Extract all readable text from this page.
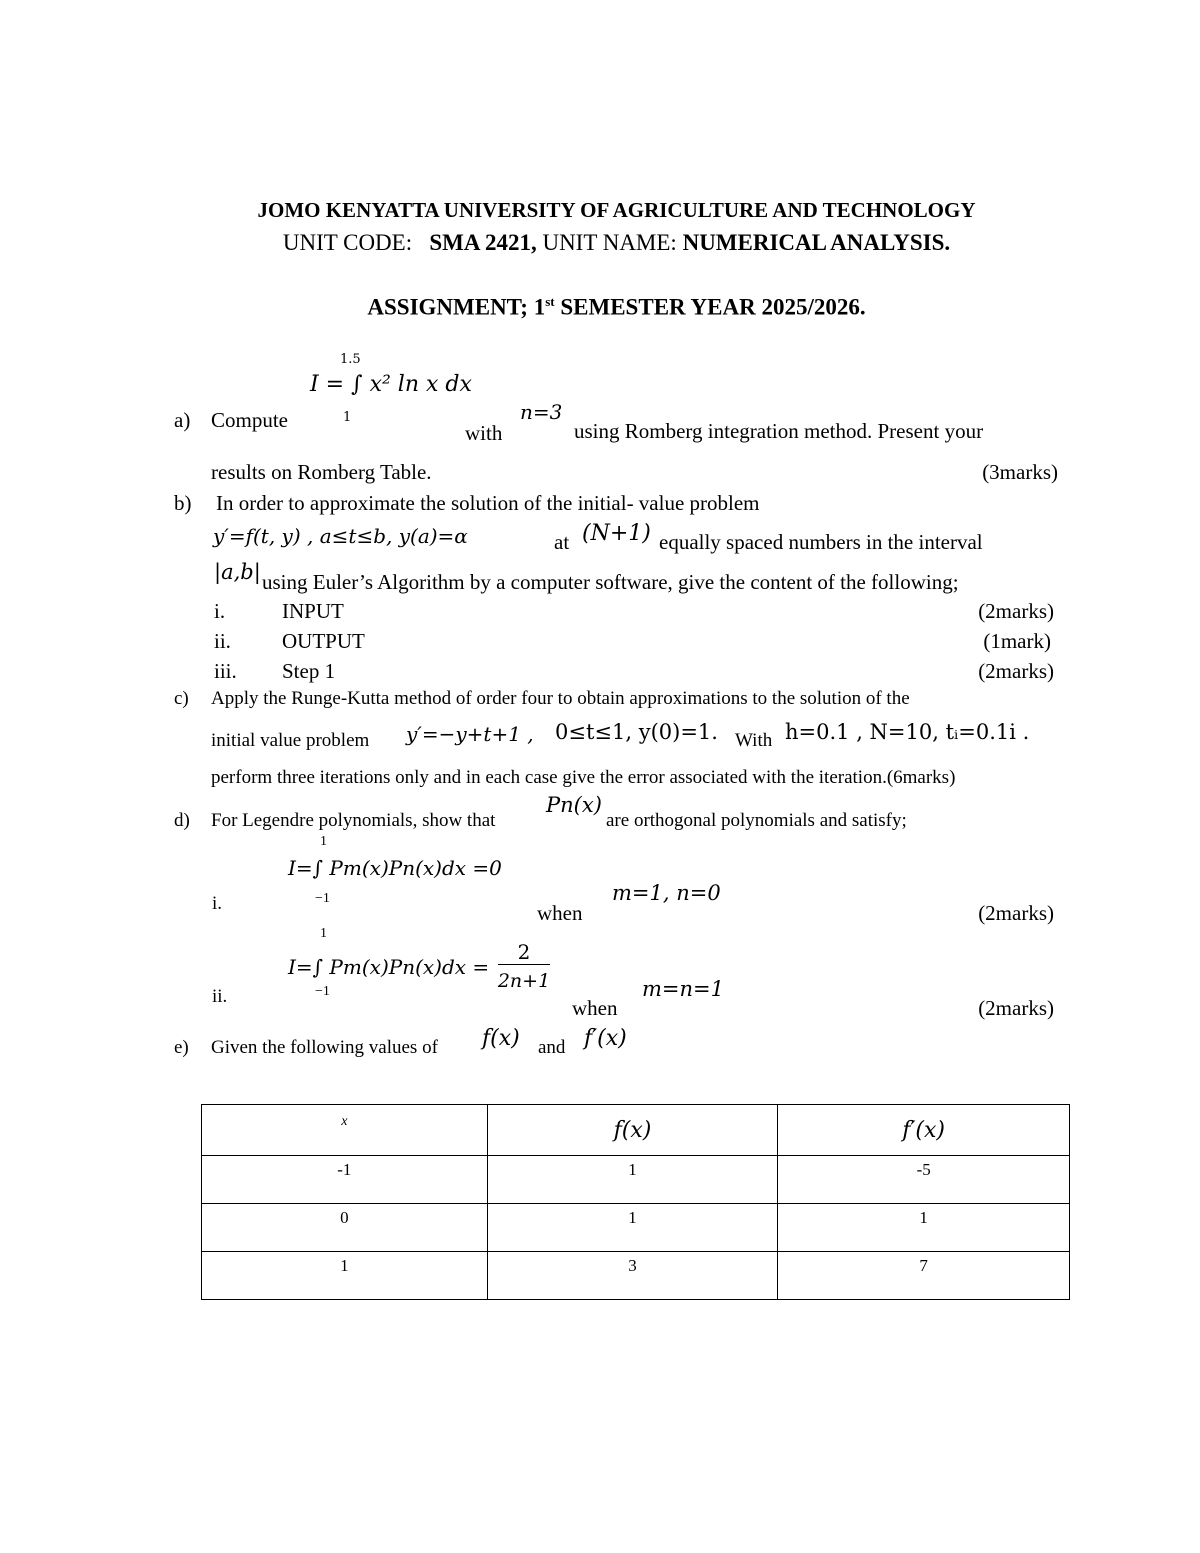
JOMO KENYATTA UNIVERSITY OF AGRICULTURE AND TECHNOLOGY
UNIT CODE: SMA 2421, UNIT NAME: NUMERICAL ANALYSIS.
ASSIGNMENT; 1st SEMESTER YEAR 2025/2026.
1.5
I = ∫ x² ln x dx
1
a) Compute	n=3
with	using Romberg integration method. Present your
results on Romberg Table.	(3marks)
b) In order to approximate the solution of the initial- value problem
y′=f(t, y) , a≤t≤b, y(a)=α	at (N+1) equally spaced numbers in the interval
|a,b| using Euler’s Algorithm by a computer software, give the content of the following;
i.	INPUT	(2marks)
ii. OUTPUT	(1mark)
iii. Step 1	(2marks)
c) Apply the Runge-Kutta method of order four to obtain approximations to the solution of the
initial value problem y′=−y+t+1 , 0≤t≤1, y(0)=1. With h=0.1 , N=10, tᵢ=0.1i .
perform three iterations only and in each case give the error associated with the iteration.(6marks)
d) For Legendre polynomials, show that
Pn(x)
are orthogonal polynomials and satisfy;
1
I=∫ Pm(x)Pn(x)dx =0
−1
i.	m=1, n=0
when	(2marks)
1
I=∫ Pm(x)Pn(x)dx =
2
2n+1
−1
ii.	m=n=1
when	(2marks)
e) Given the following values of f(x) and f′(x)
$^x$	f(x)	f′(x)
-1	1	-5
0	1	1
1	3	7
